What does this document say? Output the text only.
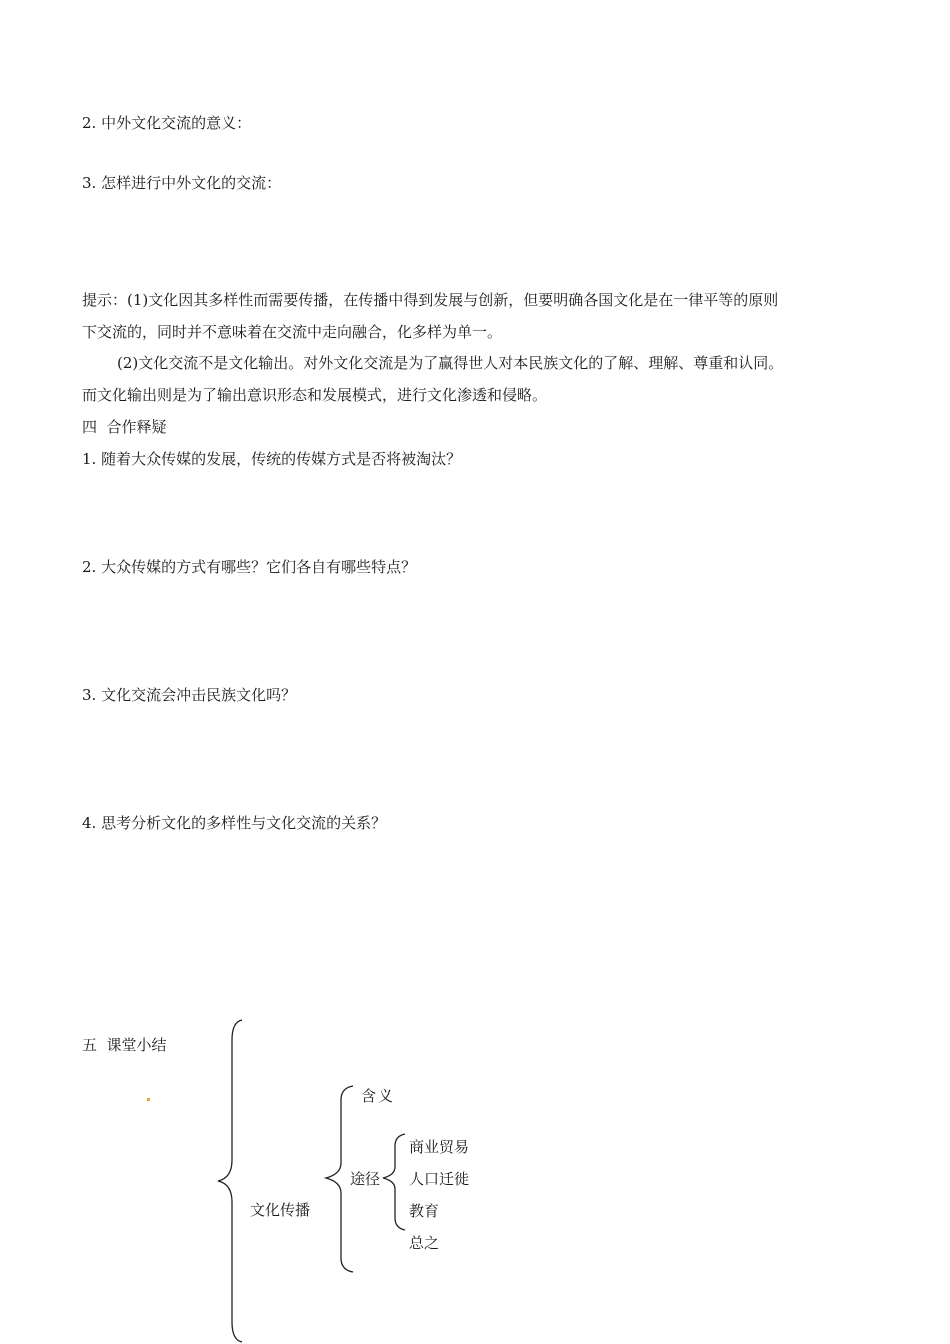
2. 中外文化交流的意义：
3. 怎样进行中外文化的交流：
提示：(1)文化因其多样性而需要传播，在传播中得到发展与创新，但要明确各国文化是在一律平等的原则
下交流的，同时并不意味着在交流中走向融合，化多样为单一。
(2)文化交流不是文化输出。对外文化交流是为了赢得世人对本民族文化的了解、理解、尊重和认同。
而文化输出则是为了输出意识形态和发展模式，进行文化渗透和侵略。
四  合作释疑
1. 随着大众传媒的发展，传统的传媒方式是否将被淘汰？
2. 大众传媒的方式有哪些？它们各自有哪些特点？
3. 文化交流会冲击民族文化吗？
4. 思考分析文化的多样性与文化交流的关系？
五  课堂小结
文化传播
含义
途径
商业贸易
人口迁徙
教育
总之
